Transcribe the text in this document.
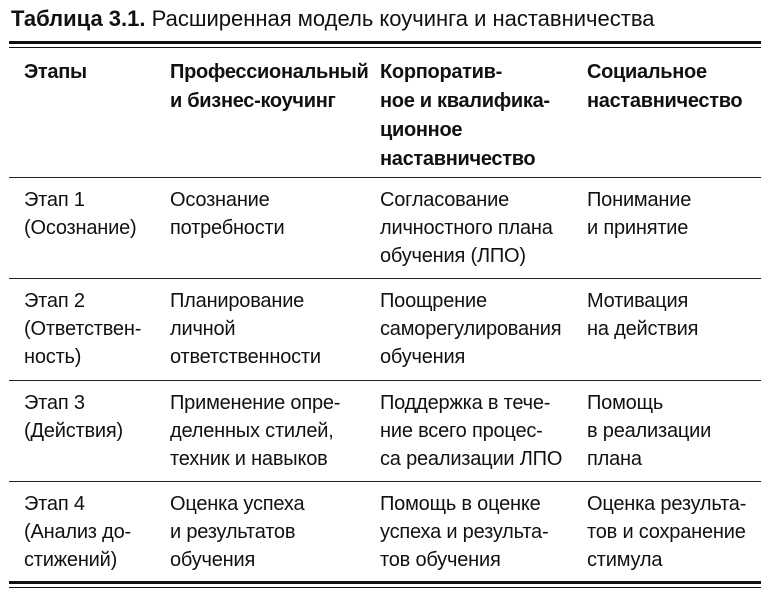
Таблица 3.1. Расширенная модель коучинга и наставничества
Этапы	Профессиональный
и бизнес-коучинг
Корпоратив-
ное и квалифика-
ционное
наставничество
Социальное
наставничество
Этап 1
(Осознание)
Осознание
потребности
Согласование
личностного плана
обучения (ЛПО)
Понимание
и принятие
Этап 2
(Ответствен-
ность)
Планирование
личной
ответственности
Поощрение
саморегулирования
обучения
Мотивация
на действия
Этап 3
(Действия)
Применение опре-
деленных стилей,
техник и навыков
Поддержка в тече-
ние всего процес-
са реализации ЛПО
Помощь
в реализации
плана
Этап 4
(Анализ до-
стижений)
Оценка успеха
и результатов
обучения
Помощь в оценке
успеха и результа-
тов обучения
Оценка результа-
тов и сохранение
стимула
